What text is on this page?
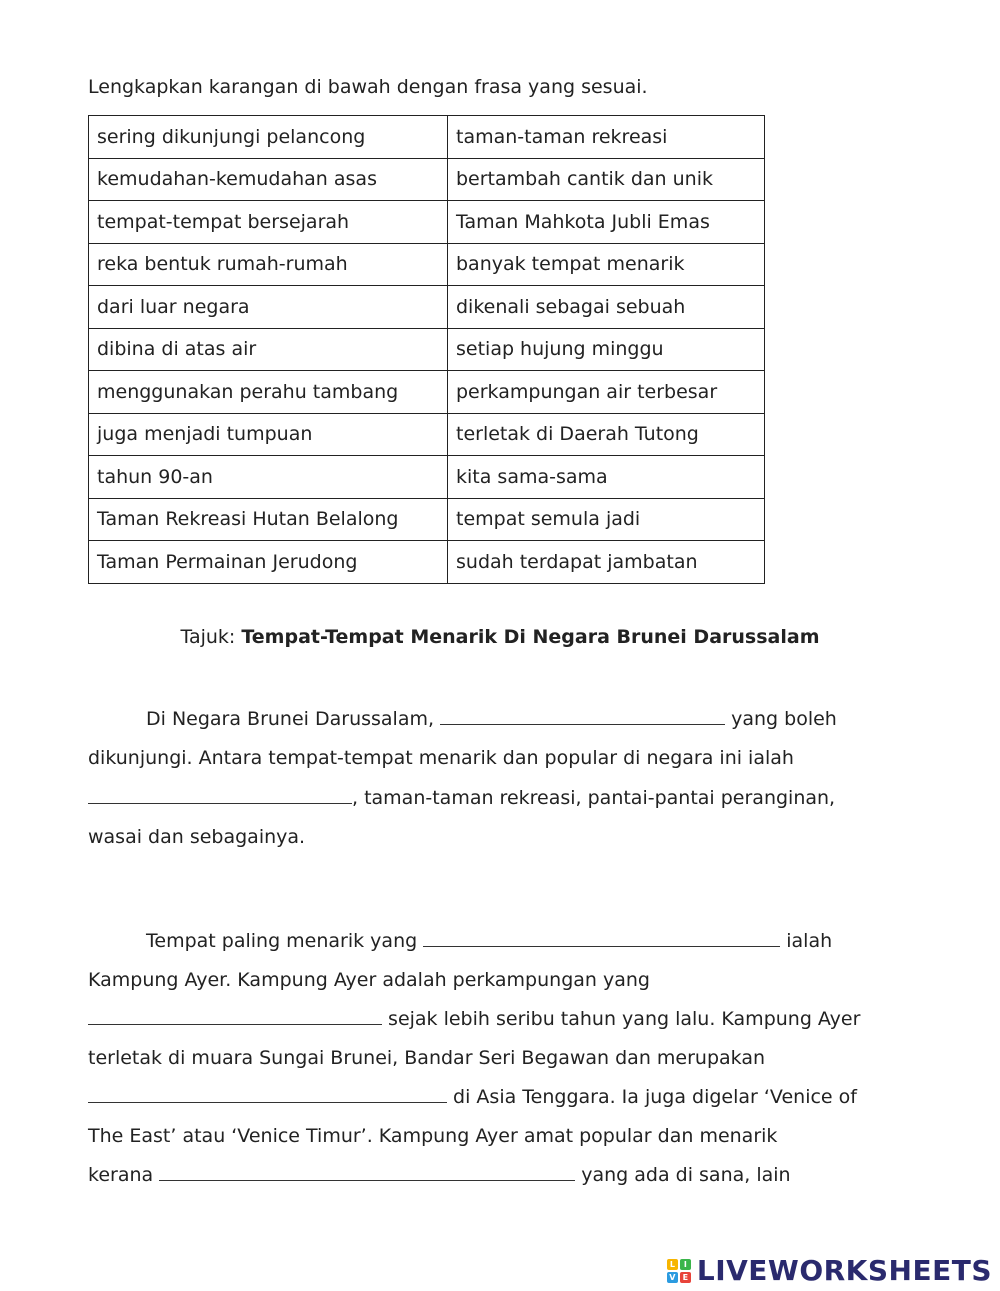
Lengkapkan karangan di bawah dengan frasa yang sesuai.
sering dikunjungi pelancong	taman-taman rekreasi
kemudahan-kemudahan asas	bertambah cantik dan unik
tempat-tempat bersejarah	Taman Mahkota Jubli Emas
reka bentuk rumah-rumah	banyak tempat menarik
dari luar negara	dikenali sebagai sebuah
dibina di atas air	setiap hujung minggu
menggunakan perahu tambang	perkampungan air terbesar
juga menjadi tumpuan	terletak di Daerah Tutong
tahun 90-an	kita sama-sama
Taman Rekreasi Hutan Belalong	tempat semula jadi
Taman Permainan Jerudong	sudah terdapat jambatan
Tajuk: Tempat-Tempat Menarik Di Negara Brunei Darussalam
Di Negara Brunei Darussalam,	yang boleh
dikunjungi. Antara tempat-tempat menarik dan popular di negara ini ialah
, taman-taman rekreasi, pantai-pantai peranginan,
wasai dan sebagainya.
Tempat paling menarik yang	ialah
Kampung Ayer. Kampung Ayer adalah perkampungan yang
sejak lebih seribu tahun yang lalu. Kampung Ayer
terletak di muara Sungai Brunei, Bandar Seri Begawan dan merupakan
di Asia Tenggara. Ia juga digelar ‘Venice of
The East’ atau ‘Venice Timur’. Kampung Ayer amat popular dan menarik
kerana	yang ada di sana, lain
L	I
V E LIVEWORKSHEETS
